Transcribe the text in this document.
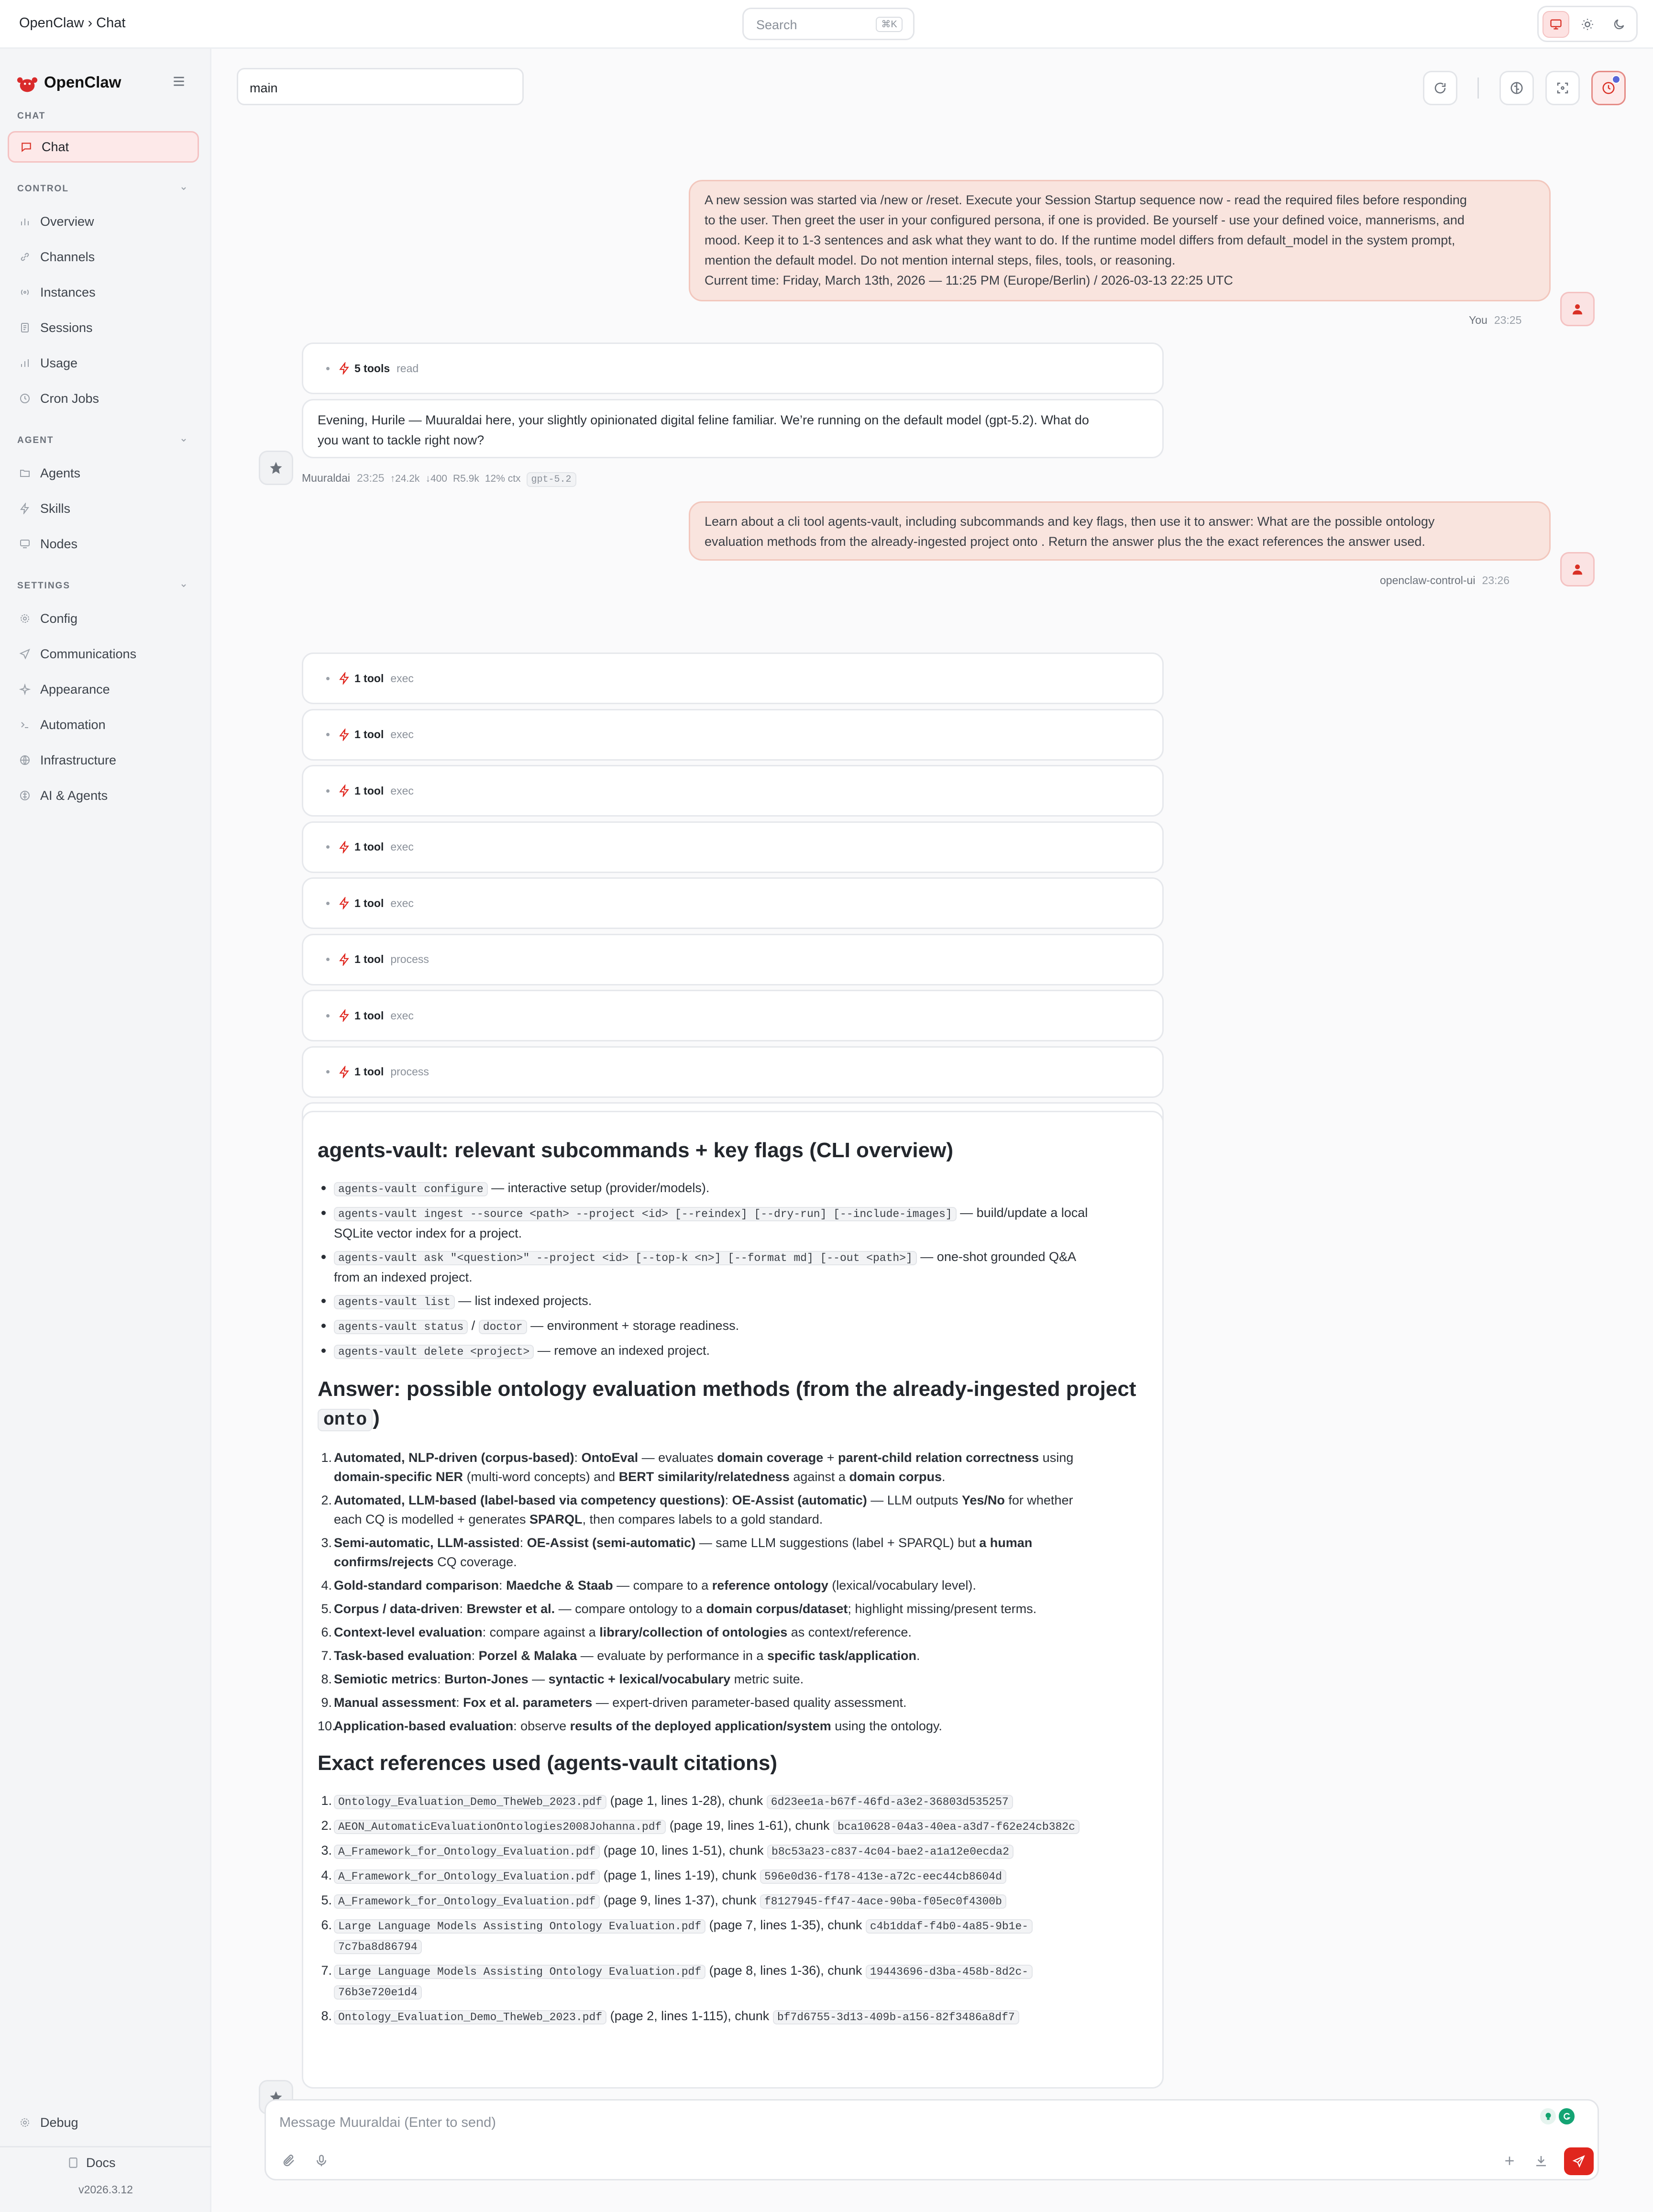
OpenClaw › Chat	Search	⌘K
OpenClaw
CHAT
Chat
CONTROL
Overview
Channels
Instances
Sessions
Usage
Cron Jobs
AGENT
Agents
Skills
Nodes
SETTINGS
Config
Communications
Appearance
Automation
Infrastructure
AI & Agents
Debug
Docs
v2026.3.12
main
A new session was started via /new or /reset. Execute your Session Startup sequence now - read the required files before responding
to the user. Then greet the user in your configured persona, if one is provided. Be yourself - use your defined voice, mannerisms, and
mood. Keep it to 1-3 sentences and ask what they want to do. If the runtime model differs from default_model in the system prompt,
mention the default model. Do not mention internal steps, files, tools, or reasoning.
Current time: Friday, March 13th, 2026 — 11:25 PM (Europe/Berlin) / 2026-03-13 22:25 UTC
You 23:25
5 tools read
Evening, Hurile — Muuraldai here, your slightly opinionated digital feline familiar. We’re running on the default model (gpt-5.2). What do
you want to tackle right now?
Muuraldai 23:25 ↑24.2k ↓400 R5.9k 12% ctx gpt-5.2
Learn about a cli tool agents-vault, including subcommands and key flags, then use it to answer: What are the possible ontology
evaluation methods from the already-ingested project onto . Return the answer plus the the exact references the answer used.
openclaw-control-ui 23:26
1 tool exec
1 tool exec
1 tool exec
1 tool exec
1 tool exec
1 tool process
1 tool exec
1 tool process
agents-vault: relevant subcommands + key flags (CLI overview)
agents-vault configure — interactive setup (provider/models).
agents-vault ingest --source <path> --project <id> [--reindex] [--dry-run] [--include-images] — build/update a local
SQLite vector index for a project.
agents-vault ask "<question>" --project <id> [--top-k <n>] [--format md] [--out <path>] — one-shot grounded Q&A
from an indexed project.
agents-vault list — list indexed projects.
agents-vault status / doctor — environment + storage readiness.
agents-vault delete <project> — remove an indexed project.
Answer: possible ontology evaluation methods (from the already-ingested project
onto )
1. Automated, NLP-driven (corpus-based): OntoEval — evaluates domain coverage + parent-child relation correctness using
domain-specific NER (multi-word concepts) and BERT similarity/relatedness against a domain corpus.
2. Automated, LLM-based (label-based via competency questions): OE-Assist (automatic) — LLM outputs Yes/No for whether
each CQ is modelled + generates SPARQL, then compares labels to a gold standard.
3. Semi-automatic, LLM-assisted: OE-Assist (semi-automatic) — same LLM suggestions (label + SPARQL) but a human
confirms/rejects CQ coverage.
4. Gold-standard comparison: Maedche & Staab — compare to a reference ontology (lexical/vocabulary level).
5. Corpus / data-driven: Brewster et al. — compare ontology to a domain corpus/dataset; highlight missing/present terms.
6. Context-level evaluation: compare against a library/collection of ontologies as context/reference.
7. Task-based evaluation: Porzel & Malaka — evaluate by performance in a specific task/application.
8. Semiotic metrics: Burton-Jones — syntactic + lexical/vocabulary metric suite.
9. Manual assessment: Fox et al. parameters — expert-driven parameter-based quality assessment.
10.
Application-based evaluation: observe results of the deployed application/system using the ontology.
Exact references used (agents-vault citations)
1. Ontology_Evaluation_Demo_TheWeb_2023.pdf (page 1, lines 1-28), chunk 6d23ee1a-b67f-46fd-a3e2-36803d535257
2. AEON_AutomaticEvaluationOntologies2008Johanna.pdf (page 19, lines 1-61), chunk bca10628-04a3-40ea-a3d7-f62e24cb382c
3. A_Framework_for_Ontology_Evaluation.pdf (page 10, lines 1-51), chunk b8c53a23-c837-4c04-bae2-a1a12e0ecda2
4. A_Framework_for_Ontology_Evaluation.pdf (page 1, lines 1-19), chunk 596e0d36-f178-413e-a72c-eec44cb8604d
5. A_Framework_for_Ontology_Evaluation.pdf (page 9, lines 1-37), chunk f8127945-ff47-4ace-90ba-f05ec0f4300b
6. Large Language Models Assisting Ontology Evaluation.pdf (page 7, lines 1-35), chunk c4b1ddaf-f4b0-4a85-9b1e-
7c7ba8d86794
7. Large Language Models Assisting Ontology Evaluation.pdf (page 8, lines 1-36), chunk 19443696-d3ba-458b-8d2c-
76b3e720e1d4
8. Ontology_Evaluation_Demo_TheWeb_2023.pdf (page 2, lines 1-115), chunk bf7d6755-3d13-409b-a156-82f3486a8df7
Message Muuraldai (Enter to send)
